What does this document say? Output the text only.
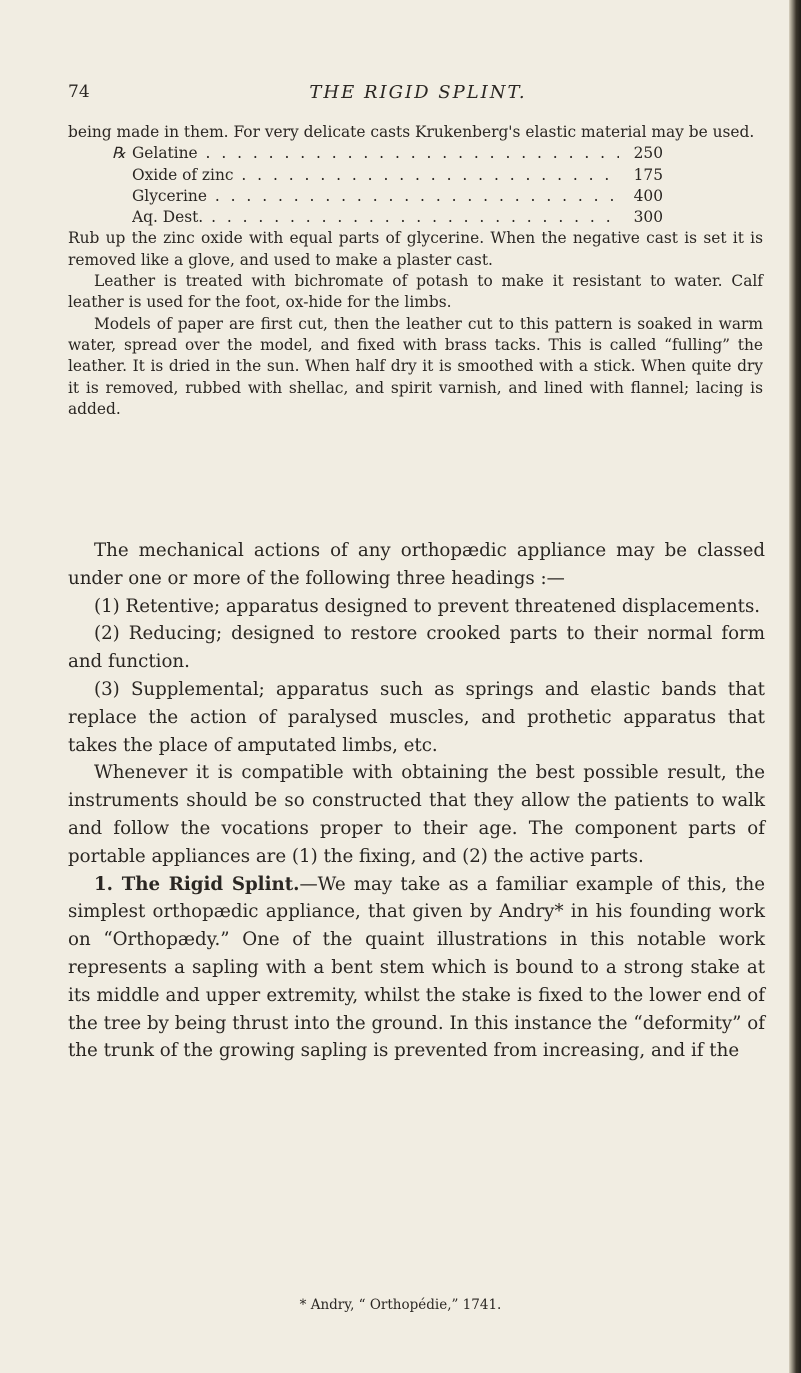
74	THE RIGID SPLINT.

being made in them. For very delicate casts Krukenberg's elastic material may be used.

℞ Gelatine . . .	250
Oxide of zinc . . .	175
Glycerine . . .	400
Aq. Dest. . . .	300

Rub up the zinc oxide with equal parts of glycerine. When the negative cast is set it is removed like a glove, and used to make a plaster cast.

Leather is treated with bichromate of potash to make it resistant to water. Calf leather is used for the foot, ox-hide for the limbs.

Models of paper are first cut, then the leather cut to this pattern is soaked in warm water, spread over the model, and fixed with brass tacks. This is called “fulling” the leather. It is dried in the sun. When half dry it is smoothed with a stick. When quite dry it is removed, rubbed with shellac, and spirit varnish, and lined with flannel; lacing is added.

The mechanical actions of any orthopædic appliance may be classed under one or more of the following three headings :—

(1) Retentive; apparatus designed to prevent threatened displacements.

(2) Reducing; designed to restore crooked parts to their normal form and function.

(3) Supplemental; apparatus such as springs and elastic bands that replace the action of paralysed muscles, and prothetic apparatus that takes the place of amputated limbs, etc.

Whenever it is compatible with obtaining the best possible result, the instruments should be so constructed that they allow the patients to walk and follow the vocations proper to their age. The component parts of portable appliances are (1) the fixing, and (2) the active parts.

1. The Rigid Splint.—We may take as a familiar example of this, the simplest orthopædic appliance, that given by Andry* in his founding work on “Orthopædy.” One of the quaint illustrations in this notable work represents a sapling with a bent stem which is bound to a strong stake at its middle and upper extremity, whilst the stake is fixed to the lower end of the tree by being thrust into the ground. In this instance the “deformity” of the trunk of the growing sapling is prevented from increasing, and if the

* Andry, “ Orthopédie,” 1741.
